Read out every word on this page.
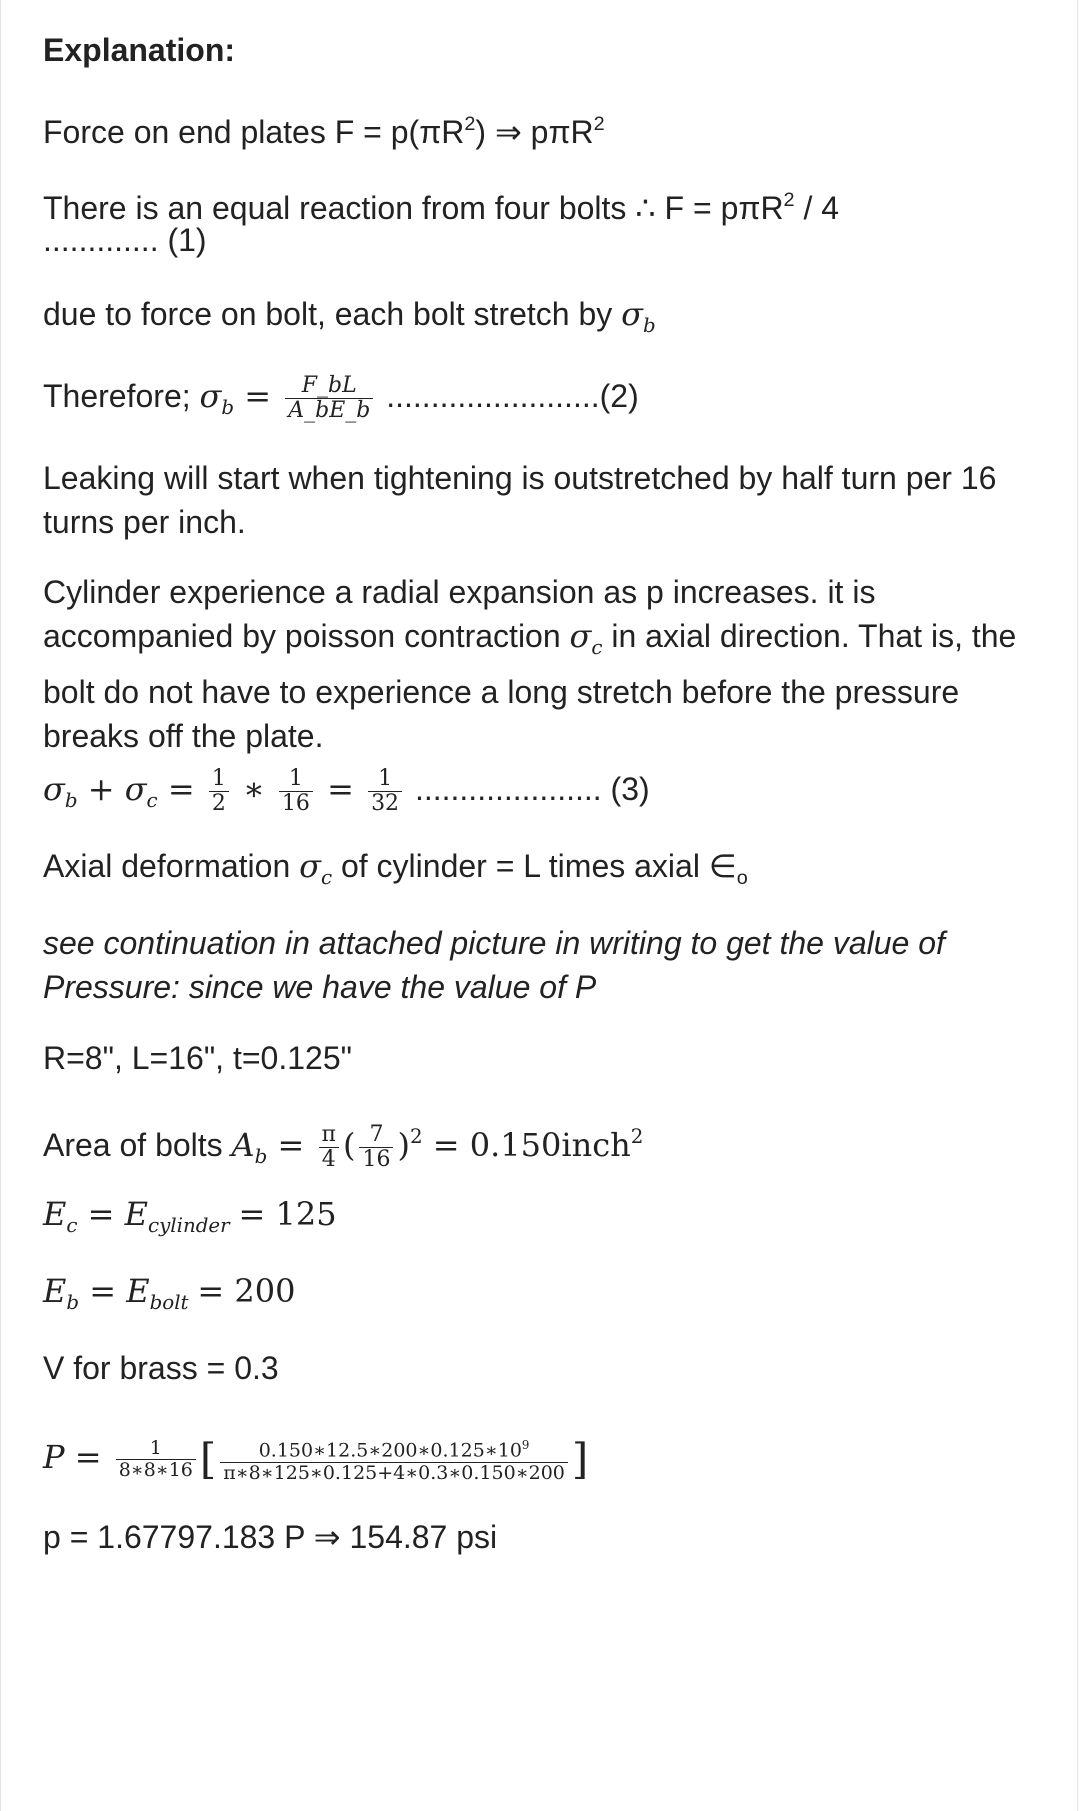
Explanation:
Force on end plates $F = p(\pi R^2)$ ⇒ pπR$^2$
There is an equal reaction from four bolts ∴ F = pπR$^2$ / 4
............. (1)
due to force on bolt, each bolt stretch by $\sigma_b$
Therefore; $\sigma_b = \frac{F\_bL}{A\_bE\_b} ........................(2)$
Leaking will start when tightening is outstretched by half turn per 16 turns per inch.
Cylinder experience a radial expansion as p increases. it is accompanied by poisson contraction $\sigma_c$ in axial direction. That is, the bolt do not have to experience a long stretch before the pressure breaks off the plate.
$\sigma_b + \sigma_c = \frac{1}{2}$ ∗ $\frac{1}{16} = \frac{1}{32}$ ..................... (3)
Axial deformation $\sigma_c$ of cylinder = L times axial $\in_o$
see continuation in attached picture in writing to get the value of Pressure: since we have the value of P
R=8", L=16", t=0.125"
Area of bolts $A_b = \frac{\pi}{4}$ ( $\frac{7}{16} )^2$ = 0.150inch$^2$
$E_c = E_{cylinder} = 125$
$E_b = E_{bolt} = 200$
V for brass = 0.3
$P = \frac{1}{8∗8∗16}$ [ $\frac{0.150∗12.5∗200∗0.125∗10^9}{\pi∗8∗125∗0.125+4∗0.3∗0.150∗200}$ ]
p = 1.67797.183 P ⇒ 154.87 psi
